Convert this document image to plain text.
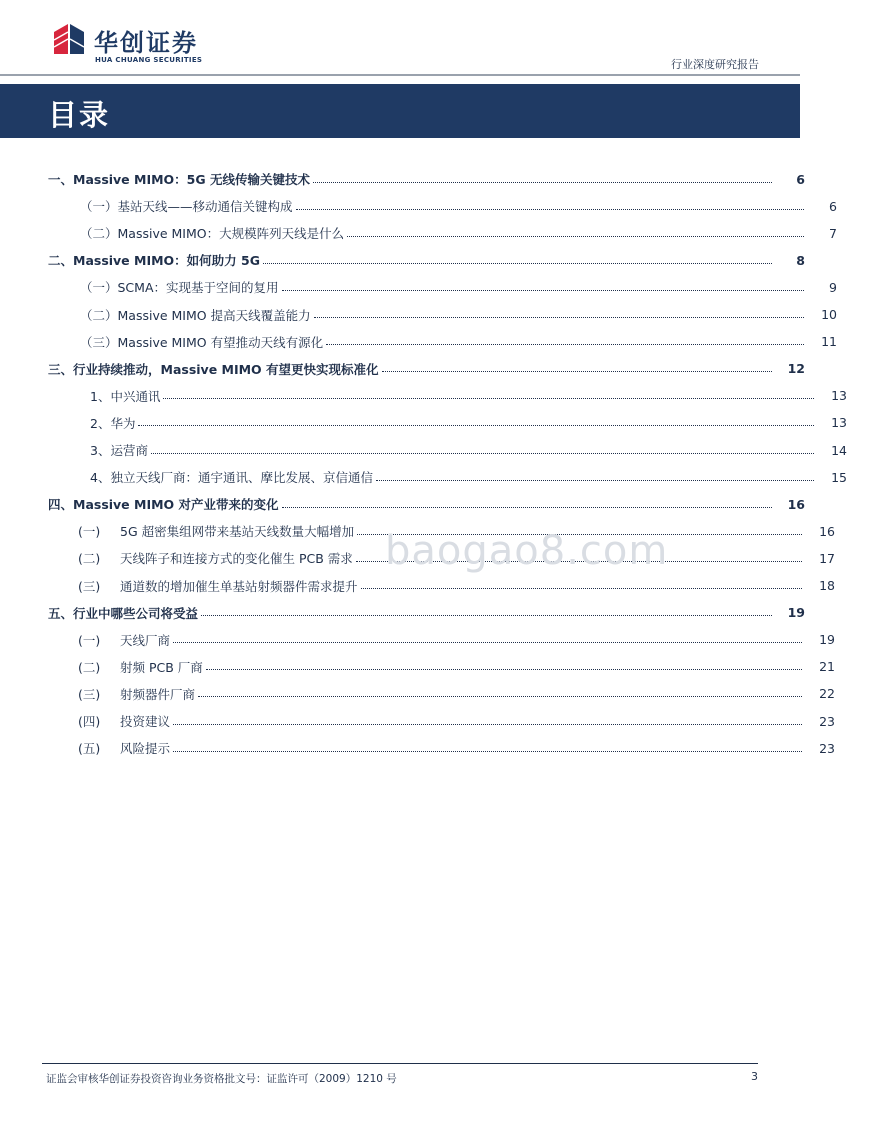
华创证券
HUA CHUANG SECURITIES	行业深度研究报告
目录
一、Massive MIMO：5G 无线传输关键技术	6
（一）基站天线——移动通信关键构成	6
（二）Massive MIMO：大规模阵列天线是什么	7
二、Massive MIMO：如何助力 5G	8
（一）SCMA：实现基于空间的复用	9
（二）Massive MIMO 提高天线覆盖能力	10
（三）Massive MIMO 有望推动天线有源化	11
三、行业持续推动，Massive MIMO 有望更快实现标准化	12
1、中兴通讯	13
2、华为	13
3、运营商	14
4、独立天线厂商：通宇通讯、摩比发展、京信通信	15
四、Massive MIMO 对产业带来的变化	16
(一)	5G 超密集组网带来基站天线数量大幅增加	16
(二)	天线阵子和连接方式的变化催生 PCB 需求	17
(三)	通道数的增加催生单基站射频器件需求提升	18
五、行业中哪些公司将受益	19
(一)	天线厂商	19
(二)	射频 PCB 厂商	21
(三)	射频器件厂商	22
(四)	投资建议	23
(五)	风险提示	23
baogao8.com
证监会审核华创证券投资咨询业务资格批文号：证监许可（2009）1210 号	3
